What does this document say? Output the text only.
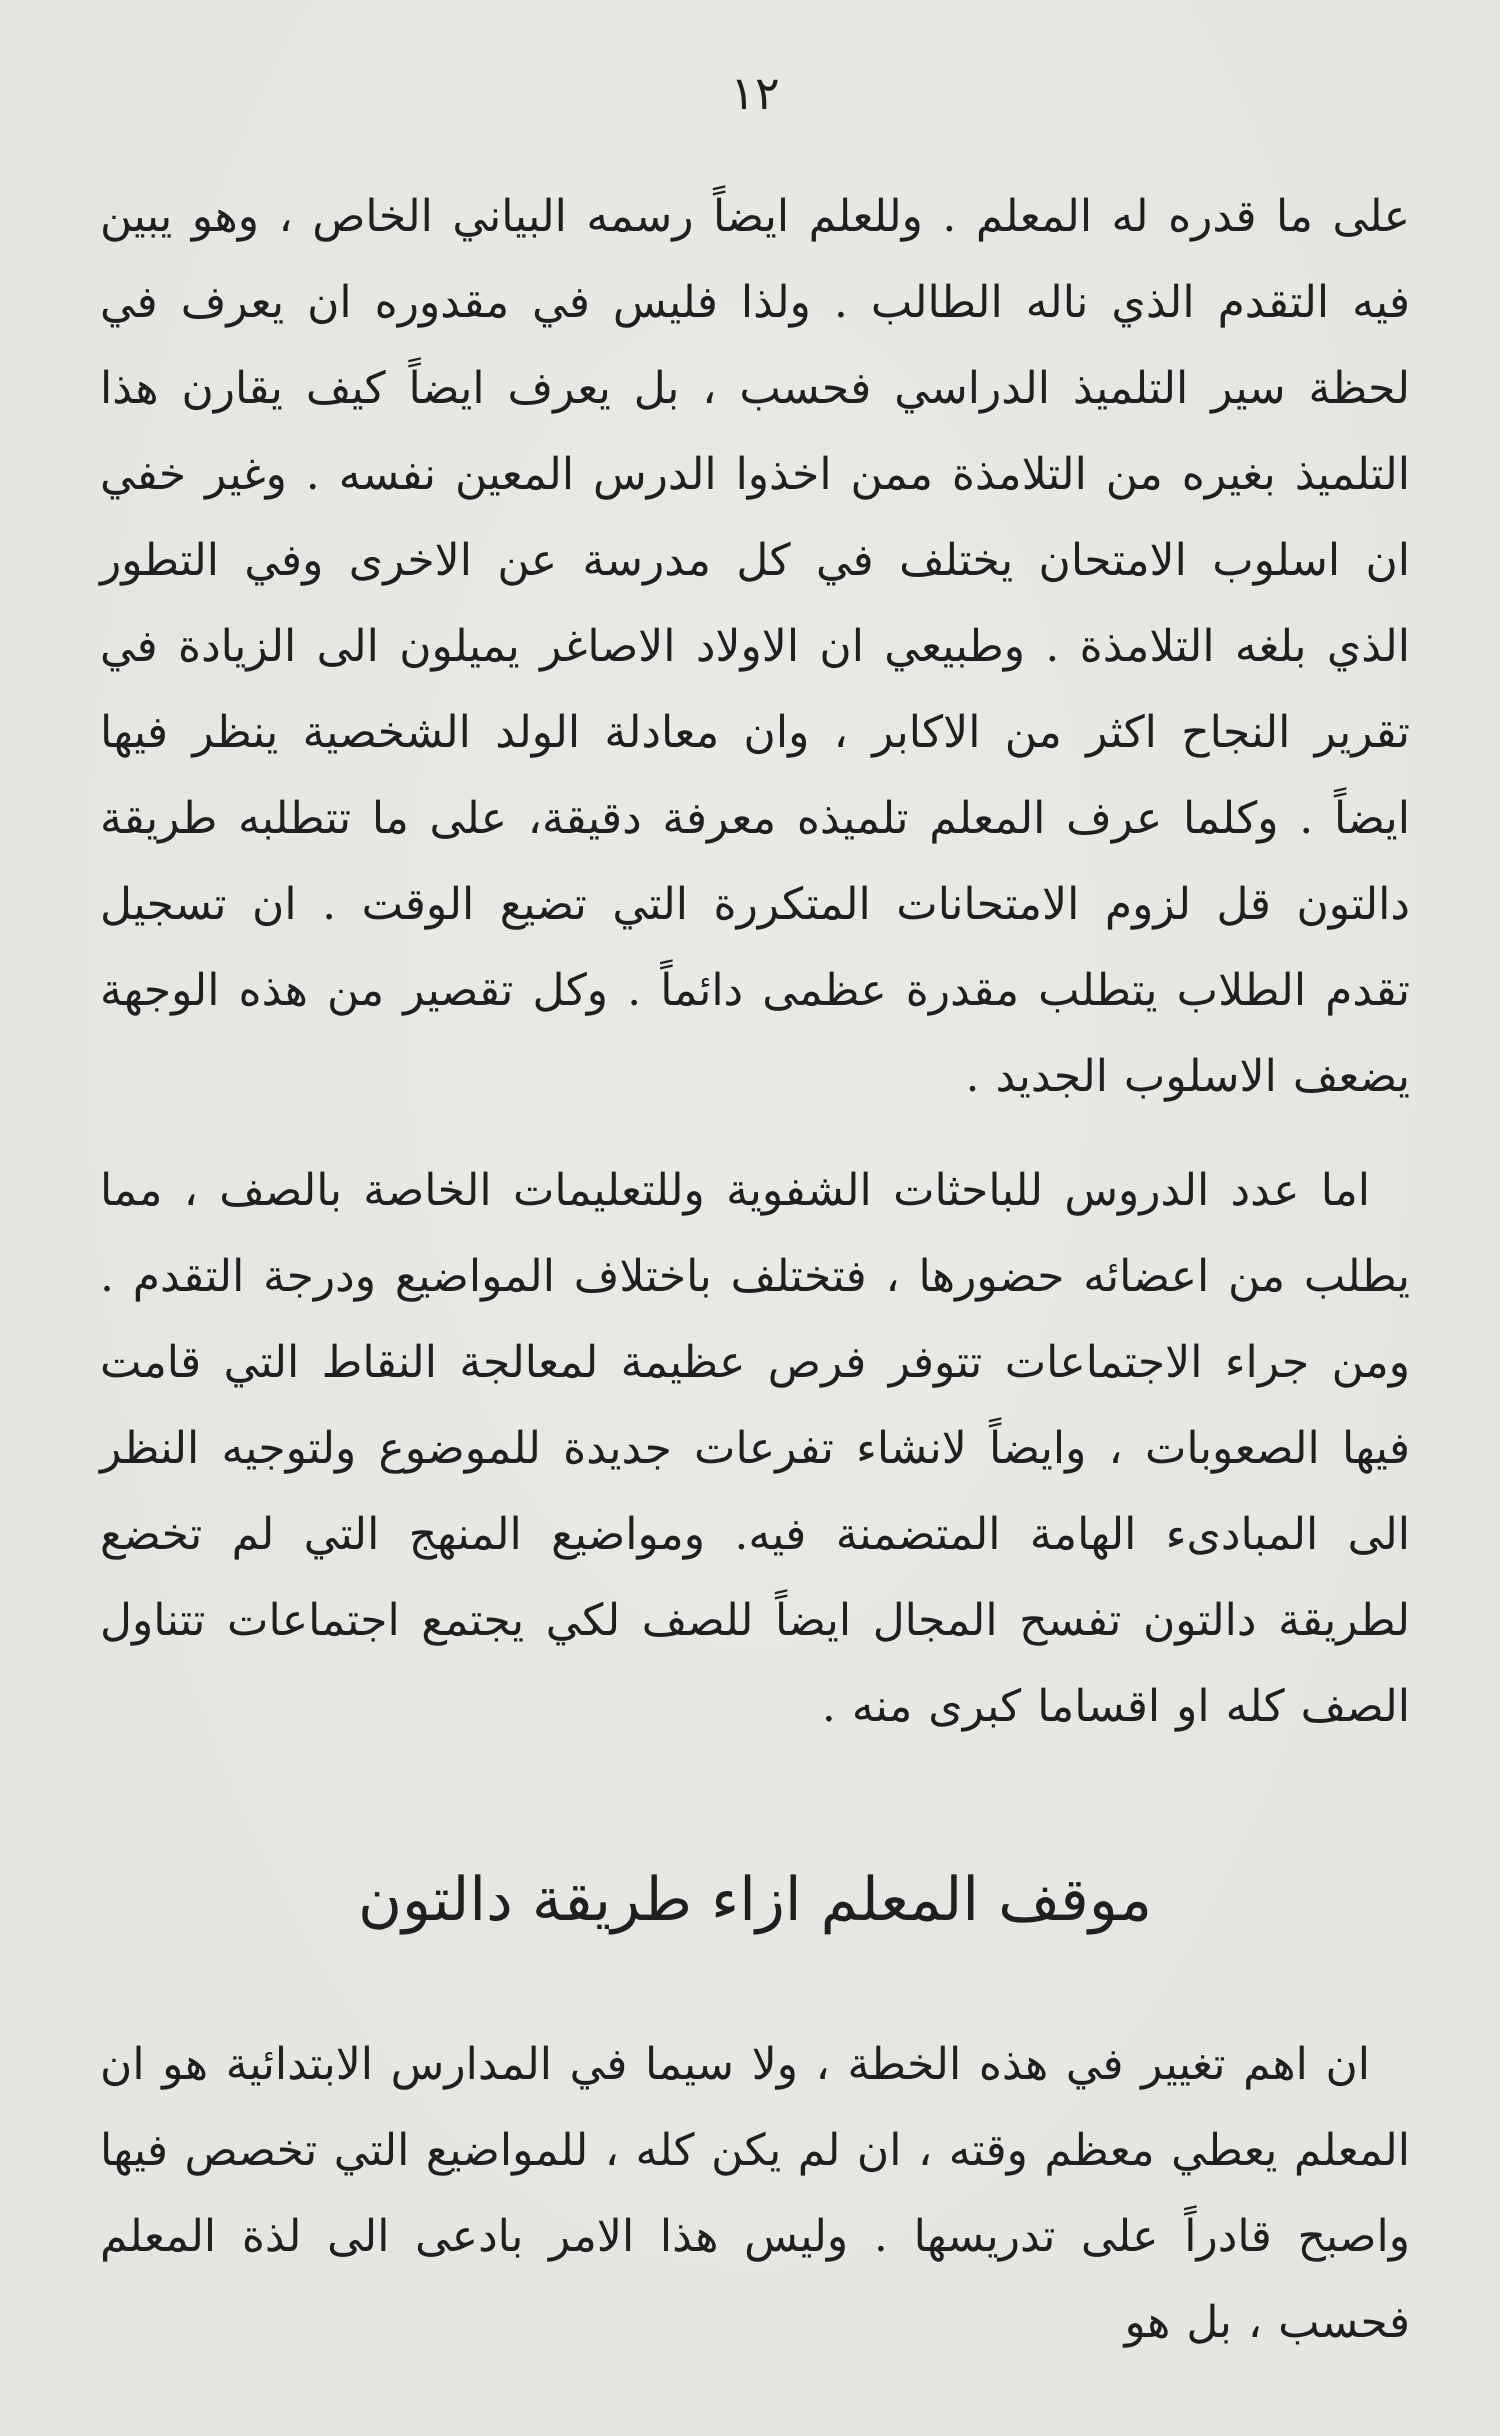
١٢

على ما قدره له المعلم . وللعلم ايضاً رسمه البياني الخاص ، وهو يبين فيه التقدم الذي ناله الطالب . ولذا فليس في مقدوره ان يعرف في لحظة سير التلميذ الدراسي فحسب ، بل يعرف ايضاً كيف يقارن هذا التلميذ بغيره من التلامذة ممن اخذوا الدرس المعين نفسه . وغير خفي ان اسلوب الامتحان يختلف في كل مدرسة عن الاخرى وفي التطور الذي بلغه التلامذة . وطبيعي ان الاولاد الاصاغر يميلون الى الزيادة في تقرير النجاح اكثر من الاكابر ، وان معادلة الولد الشخصية ينظر فيها ايضاً . وكلما عرف المعلم تلميذه معرفة دقيقة، على ما تتطلبه طريقة دالتون قل لزوم الامتحانات المتكررة التي تضيع الوقت . ان تسجيل تقدم الطلاب يتطلب مقدرة عظمى دائماً . وكل تقصير من هذه الوجهة يضعف الاسلوب الجديد .

اما عدد الدروس للباحثات الشفوية وللتعليمات الخاصة بالصف ، مما يطلب من اعضائه حضورها ، فتختلف باختلاف المواضيع ودرجة التقدم . ومن جراء الاجتماعات تتوفر فرص عظيمة لمعالجة النقاط التي قامت فيها الصعوبات ، وايضاً لانشاء تفرعات جديدة للموضوع ولتوجيه النظر الى المبادىء الهامة المتضمنة فيه. ومواضيع المنهج التي لم تخضع لطريقة دالتون تفسح المجال ايضاً للصف لكي يجتمع اجتماعات تتناول الصف كله او اقساما كبرى منه .

موقف المعلم ازاء طريقة دالتون

ان اهم تغيير في هذه الخطة ، ولا سيما في المدارس الابتدائية هو ان المعلم يعطي معظم وقته ، ان لم يكن كله ، للمواضيع التي تخصص فيها واصبح قادراً على تدريسها . وليس هذا الامر بادعى الى لذة المعلم فحسب ، بل هو
